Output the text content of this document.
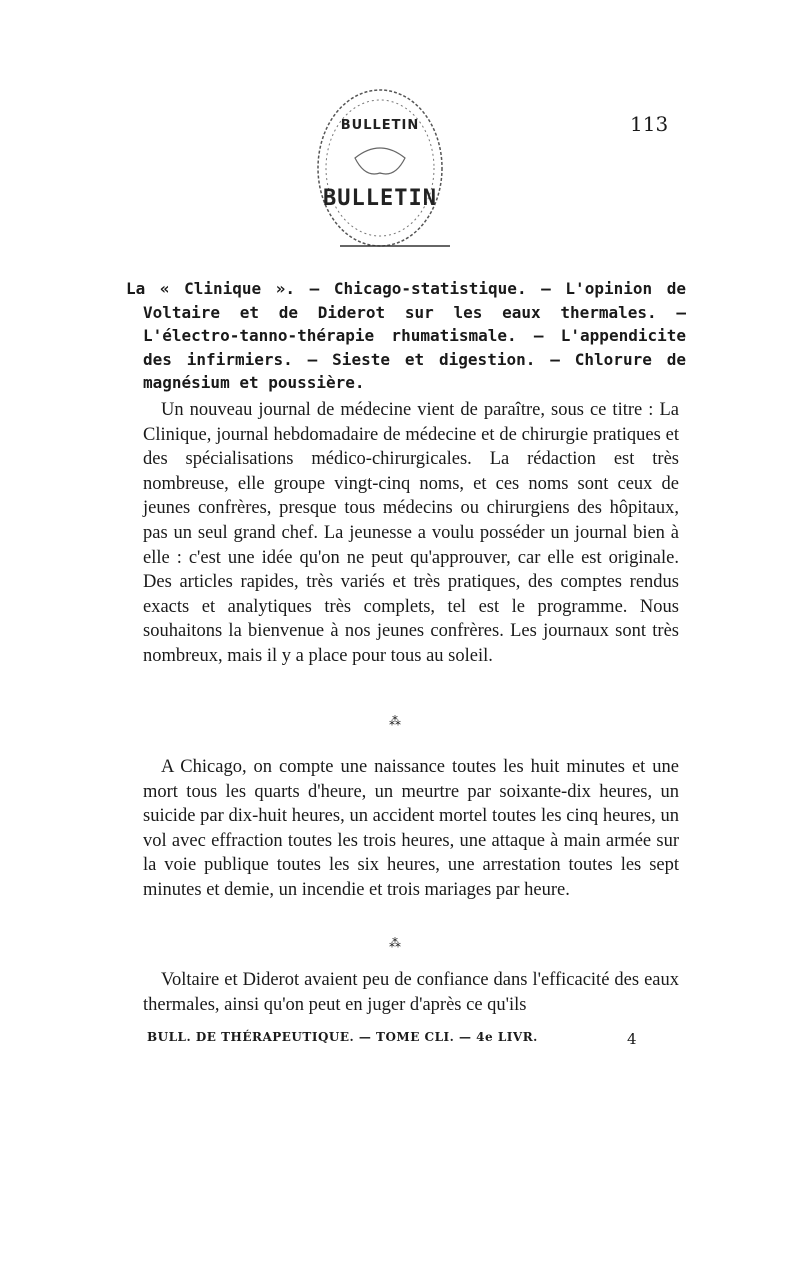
BULLETIN
BULLETIN
113

La « Clinique ». — Chicago-statistique. — L'opinion de Voltaire et de Diderot sur les eaux thermales. — L'électro-tanno-thérapie rhumatismale. — L'appendicite des infirmiers. — Sieste et digestion. — Chlorure de magnésium et poussière.

Un nouveau journal de médecine vient de paraître, sous ce titre : La Clinique, journal hebdomadaire de médecine et de chirurgie pratiques et des spécialisations médico-chirurgicales. La rédaction est très nombreuse, elle groupe vingt-cinq noms, et ces noms sont ceux de jeunes confrères, presque tous médecins ou chirurgiens des hôpitaux, pas un seul grand chef. La jeunesse a voulu posséder un journal bien à elle : c'est une idée qu'on ne peut qu'approuver, car elle est originale. Des articles rapides, très variés et très pratiques, des comptes rendus exacts et analytiques très complets, tel est le programme. Nous souhaitons la bienvenue à nos jeunes confrères. Les journaux sont très nombreux, mais il y a place pour tous au soleil.

⁂

A Chicago, on compte une naissance toutes les huit minutes et une mort tous les quarts d'heure, un meurtre par soixante-dix heures, un suicide par dix-huit heures, un accident mortel toutes les cinq heures, un vol avec effraction toutes les trois heures, une attaque à main armée sur la voie publique toutes les six heures, une arrestation toutes les sept minutes et demie, un incendie et trois mariages par heure.

⁂

Voltaire et Diderot avaient peu de confiance dans l'efficacité des eaux thermales, ainsi qu'on peut en juger d'après ce qu'ils

BULL. DE THÉRAPEUTIQUE. — TOME CLI. — 4e LIVR.	4
